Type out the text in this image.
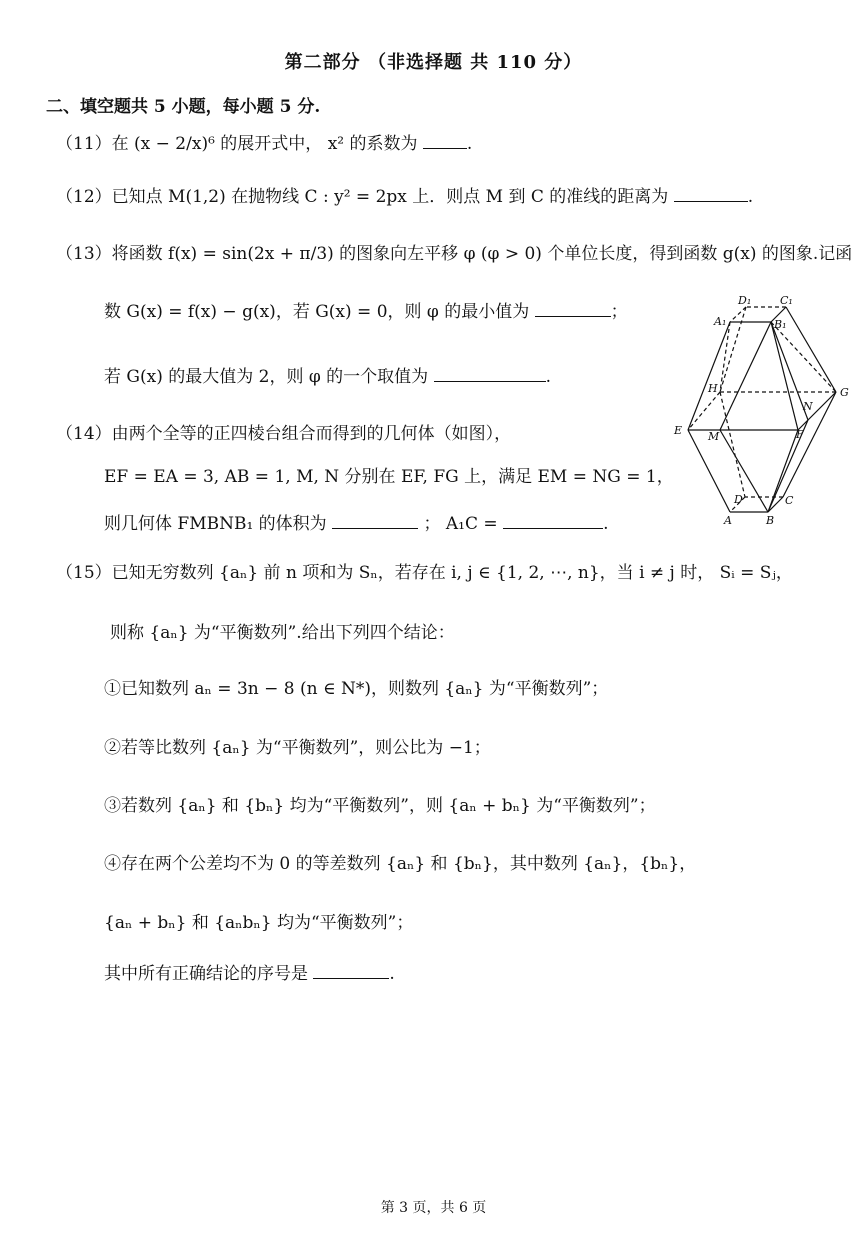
第二部分 （非选择题 共 110 分）
二、填空题共 5 小题，每小题 5 分.
（11）在 (x − 2/x)⁶ 的展开式中， x² 的系数为	.
（12）已知点 M(1,2) 在抛物线 C : y² = 2px 上．则点 M 到 C 的准线的距离为	.
（13）将函数 f(x) = sin(2x + π/3) 的图象向左平移 φ (φ > 0) 个单位长度，得到函数 g(x) 的图象.记函
数 G(x) = f(x) − g(x)，若 G(x) = 0，则 φ 的最小值为	；
若 G(x) 的最大值为 2，则 φ 的一个取值为	.
（14）由两个全等的正四棱台组合而得到的几何体（如图），
EF = EA = 3, AB = 1, M, N 分别在 EF, FG 上，满足 EM = NG = 1，
则几何体 FMBNB₁ 的体积为	； A₁C =	.
D₁	C₁
A₁	B₁
H	G
N
E M	F
D	C
A	B
（15）已知无穷数列 {aₙ} 前 n 项和为 Sₙ，若存在 i, j ∈ {1, 2, ⋯, n}，当 i ≠ j 时， Sᵢ = Sⱼ，
则称 {aₙ} 为“平衡数列”.给出下列四个结论：
①已知数列 aₙ = 3n − 8 (n ∈ N*)，则数列 {aₙ} 为“平衡数列”；
②若等比数列 {aₙ} 为“平衡数列”，则公比为 −1；
③若数列 {aₙ} 和 {bₙ} 均为“平衡数列”，则 {aₙ + bₙ} 为“平衡数列”；
④存在两个公差均不为 0 的等差数列 {aₙ} 和 {bₙ}，其中数列 {aₙ}，{bₙ}，
{aₙ + bₙ} 和 {aₙbₙ} 均为“平衡数列”；
其中所有正确结论的序号是	.
第 3 页，共 6 页
